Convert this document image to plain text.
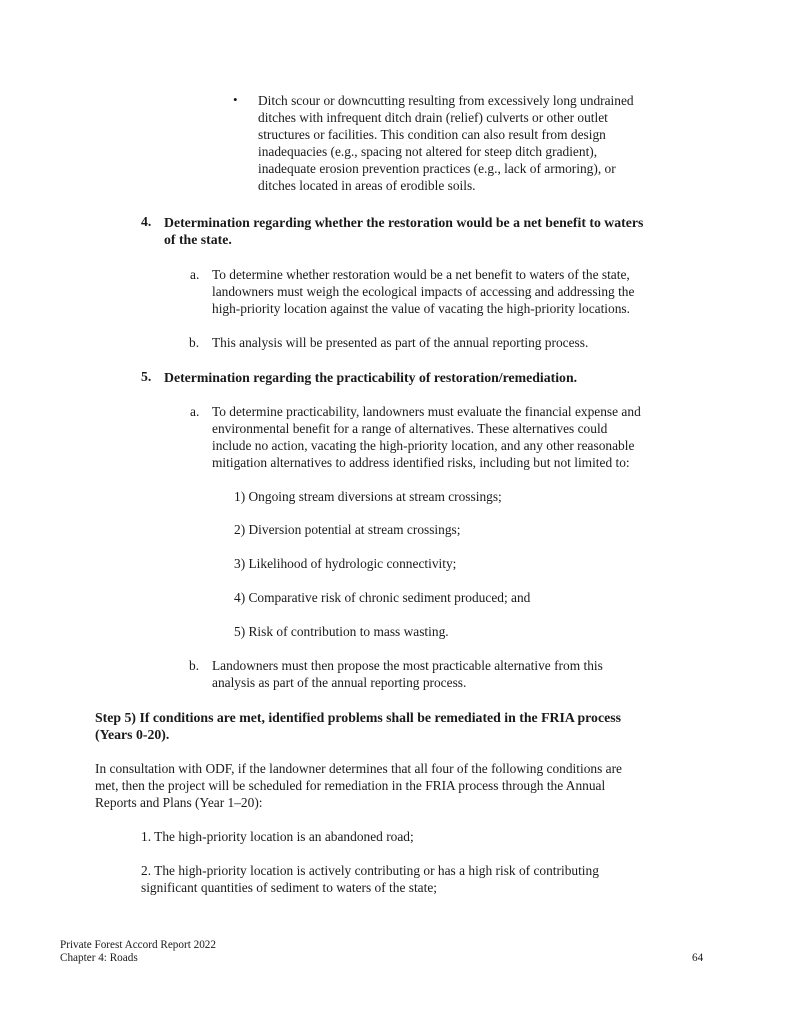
• Ditch scour or downcutting resulting from excessively long undrained
ditches with infrequent ditch drain (relief) culverts or other outlet
structures or facilities. This condition can also result from design
inadequacies (e.g., spacing not altered for steep ditch gradient),
inadequate erosion prevention practices (e.g., lack of armoring), or
ditches located in areas of erodible soils.
4. Determination regarding whether the restoration would be a net benefit to waters
of the state.
a. To determine whether restoration would be a net benefit to waters of the state,
landowners must weigh the ecological impacts of accessing and addressing the
high-priority location against the value of vacating the high-priority locations.
b. This analysis will be presented as part of the annual reporting process.
5. Determination regarding the practicability of restoration/remediation.
a. To determine practicability, landowners must evaluate the financial expense and
environmental benefit for a range of alternatives. These alternatives could
include no action, vacating the high-priority location, and any other reasonable
mitigation alternatives to address identified risks, including but not limited to:
1) Ongoing stream diversions at stream crossings;
2) Diversion potential at stream crossings;
3) Likelihood of hydrologic connectivity;
4) Comparative risk of chronic sediment produced; and
5) Risk of contribution to mass wasting.
b. Landowners must then propose the most practicable alternative from this
analysis as part of the annual reporting process.
Step 5) If conditions are met, identified problems shall be remediated in the FRIA process
(Years 0-20).
In consultation with ODF, if the landowner determines that all four of the following conditions are
met, then the project will be scheduled for remediation in the FRIA process through the Annual
Reports and Plans (Year 1–20):
1. The high-priority location is an abandoned road;
2. The high-priority location is actively contributing or has a high risk of contributing
significant quantities of sediment to waters of the state;
Private Forest Accord Report 2022
Chapter 4: Roads	64
